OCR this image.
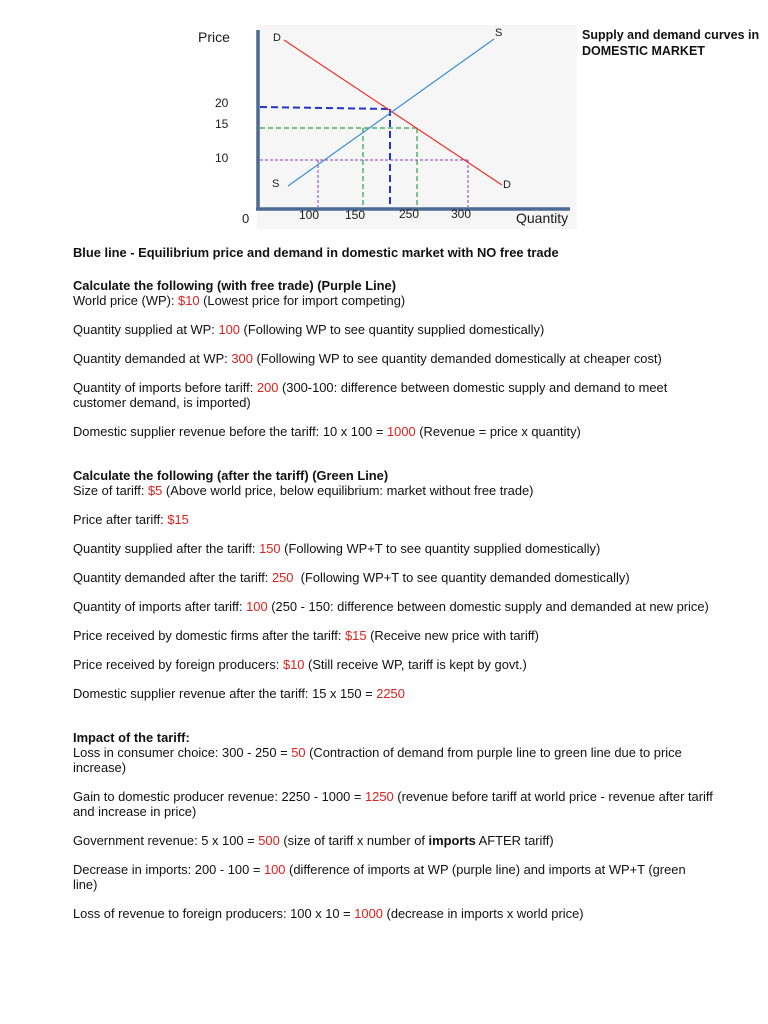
Price
Quantity
0
20
15
10
100 150	250	300
D
D
S
S	Supply and demand curves in DOMESTIC MARKET

Blue line - Equilibrium price and demand in domestic market with NO free trade

Calculate the following (with free trade) (Purple Line)

World price (WP): $10 (Lowest price for import competing)

Quantity supplied at WP: 100 (Following WP to see quantity supplied domestically)

Quantity demanded at WP: 300 (Following WP to see quantity demanded domestically at cheaper cost)

Quantity of imports before tariff: 200 (300-100: difference between domestic supply and demand to meet customer demand, is imported)

Domestic supplier revenue before the tariff: 10 x 100 = 1000 (Revenue = price x quantity)

Calculate the following (after the tariff) (Green Line)

Size of tariff: $5 (Above world price, below equilibrium: market without free trade)

Price after tariff: $15

Quantity supplied after the tariff: 150 (Following WP+T to see quantity supplied domestically)

Quantity demanded after the tariff: 250  (Following WP+T to see quantity demanded domestically)

Quantity of imports after tariff: 100 (250 - 150: difference between domestic supply and demanded at new price)

Price received by domestic firms after the tariff: $15 (Receive new price with tariff)

Price received by foreign producers: $10 (Still receive WP, tariff is kept by govt.)

Domestic supplier revenue after the tariff: 15 x 150 = 2250

Impact of the tariff:

Loss in consumer choice: 300 - 250 = 50 (Contraction of demand from purple line to green line due to price increase)

Gain to domestic producer revenue: 2250 - 1000 = 1250 (revenue before tariff at world price - revenue after tariff and increase in price)

Government revenue: 5 x 100 = 500 (size of tariff x number of imports AFTER tariff)

Decrease in imports: 200 - 100 = 100 (difference of imports at WP (purple line) and imports at WP+T (green line)

Loss of revenue to foreign producers: 100 x 10 = 1000 (decrease in imports x world price)
